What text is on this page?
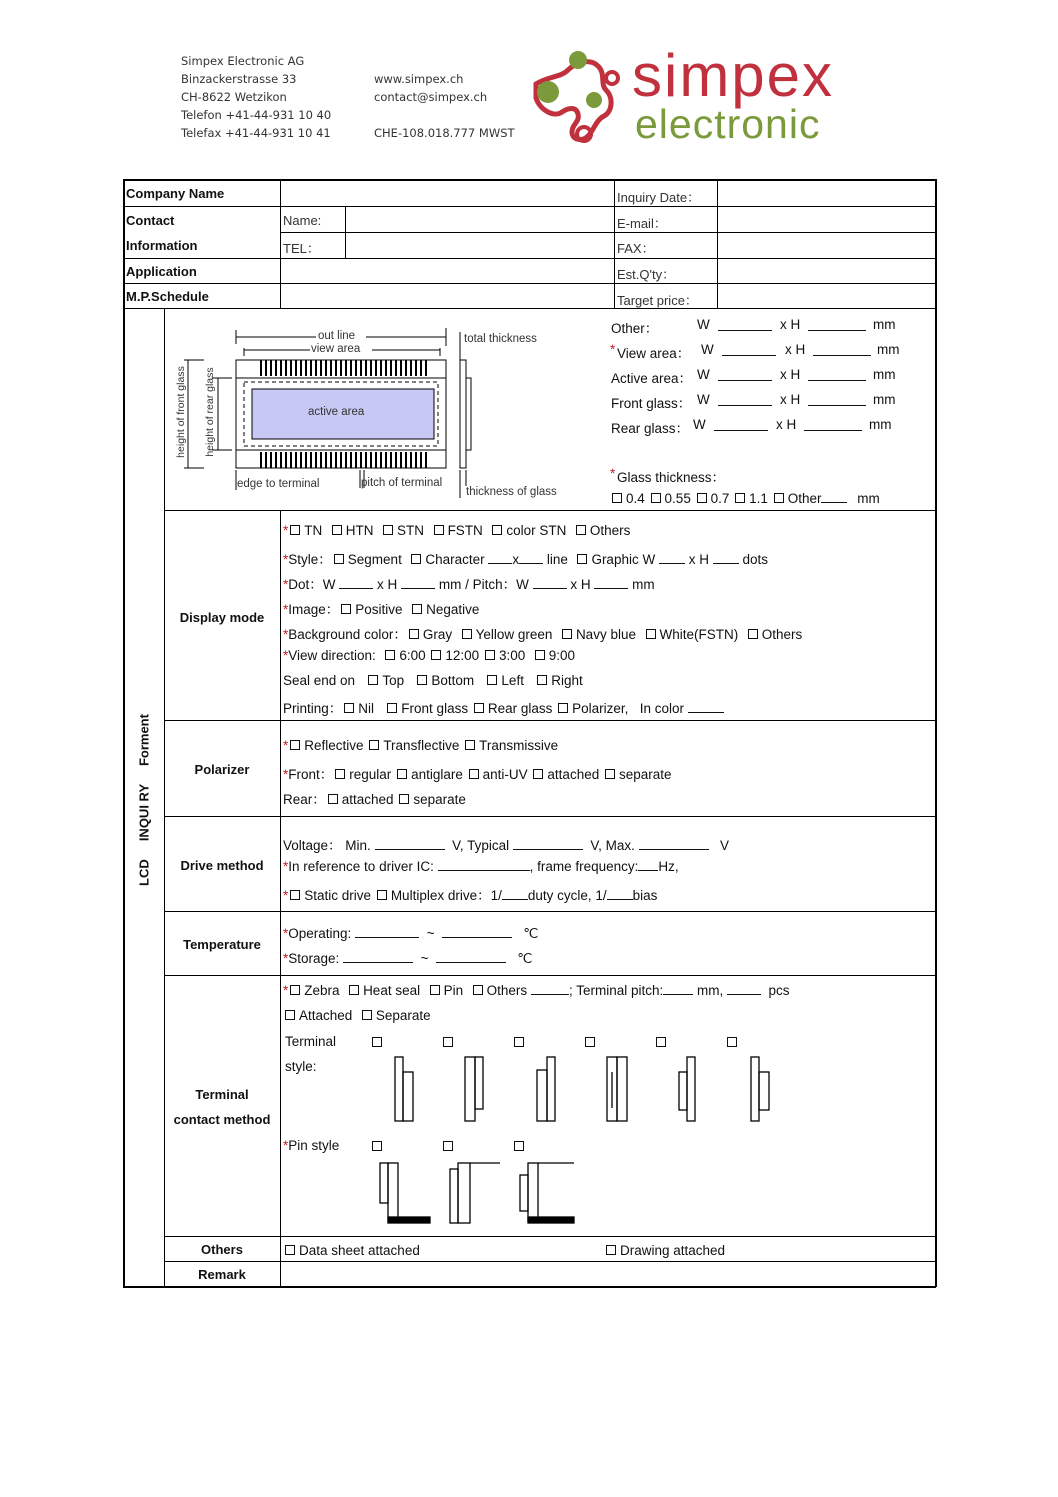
Simpex Electronic AG
Binzackerstrasse 33
CH-8622 Wetzikon
Telefon +41-44-931 10 40
Telefax +41-44-931 10 41
www.simpex.ch
contact@simpex.ch
CHE-108.018.777 MWST
simpex
electronic
Company Name	Inquiry Date：
Contact
Information
Name:	E-mail：
TEL：	FAX：
Application	Est.Q'ty：
M.P.Schedule	Target price：
LCD     INQUI RY     Forment
out line
view area
total thickness
active area
height of front glass height of rear glass
edge to terminal	pitch of terminal
thickness of glass
Other：	W	x H	mm
* View area： W	x H	mm
Active area： W	x H	mm
Front glass： W	x H	mm
Rear glass： W	x H	mm
* Glass thickness：
0.4 0.55 0.7 1.1 Other	mm
Display mode
* TN HTN STN FSTN color STN Others
*Style： Segment Character x line Graphic W x H dots
*Dot：W	x H	mm / Pitch：W	x H	mm
*Image： Positive Negative
*Background color： Gray Yellow green Navy blue White(FSTN) Others
*View direction: 6:00 12:00 3:00 9:00
Seal end on Top Bottom Left Right
Printing： Nil Front glass Rear glass Polarizer, In color
Polarizer
* Reflective Transflective Transmissive
*Front： regular antiglare anti-UV attached separate
Rear： attached separate
Drive method
Voltage： Min.	V, Typical	V, Max.	V
*In reference to driver IC:	, frame frequency: Hz,
* Static drive Multiplex drive：1/ duty cycle, 1/ bias
Temperature
*Operating:	~	℃
*Storage:	~	℃
Terminal
contact method
* Zebra Heat seal Pin Others	; Terminal pitch:	mm,	pcs
Attached Separate
Terminal
style:
*Pin style
Others	Data sheet attached	Drawing attached
Remark
